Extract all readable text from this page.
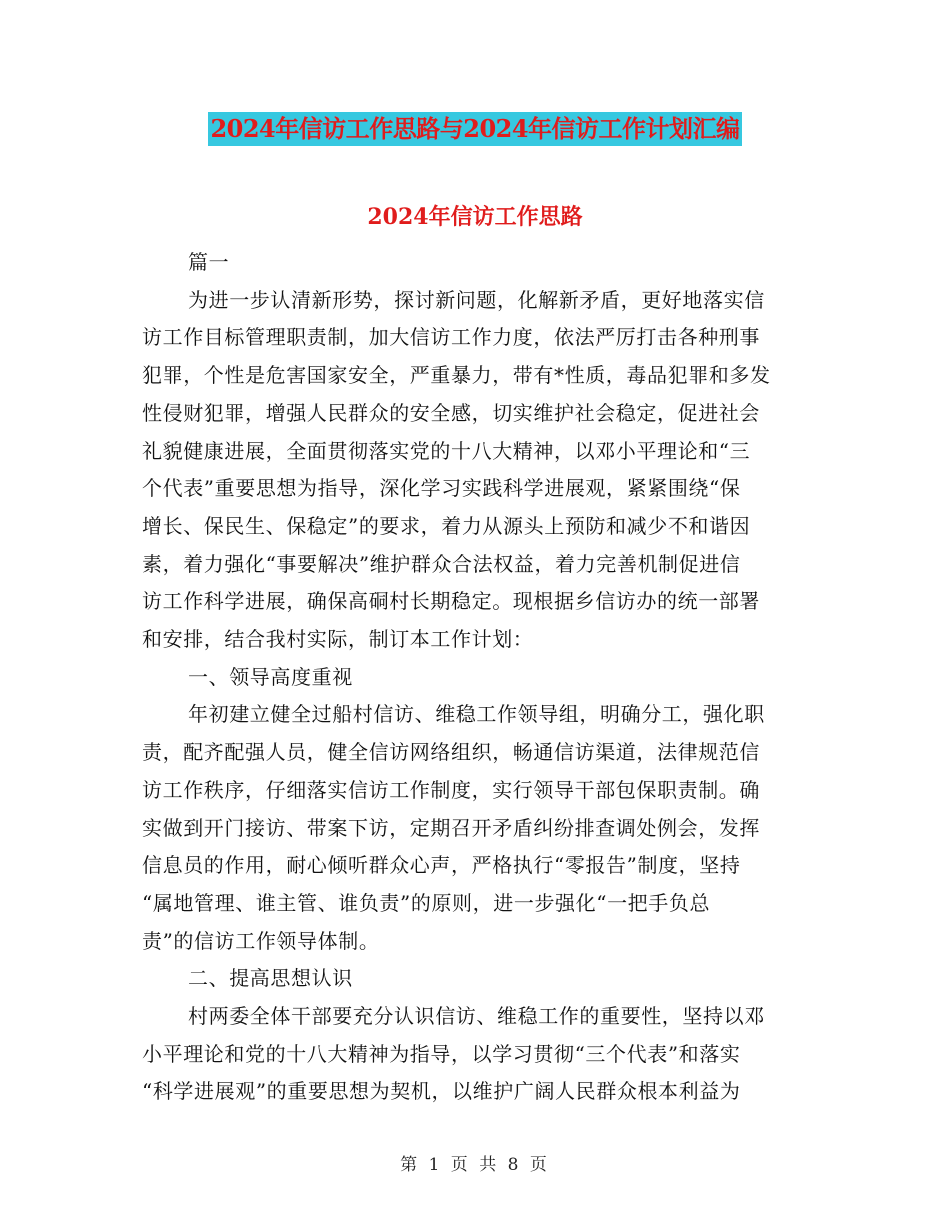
2024年信访工作思路与2024年信访工作计划汇编
2024年信访工作思路
篇一
为进一步认清新形势，探讨新问题，化解新矛盾，更好地落实信
访工作目标管理职责制，加大信访工作力度，依法严厉打击各种刑事
犯罪，个性是危害国家安全，严重暴力，带有*性质，毒品犯罪和多发
性侵财犯罪，增强人民群众的安全感，切实维护社会稳定，促进社会
礼貌健康进展，全面贯彻落实党的十八大精神，以邓小平理论和“三
个代表”重要思想为指导，深化学习实践科学进展观，紧紧围绕“保
增长、保民生、保稳定”的要求，着力从源头上预防和减少不和谐因
素，着力强化“事要解决”维护群众合法权益，着力完善机制促进信
访工作科学进展，确保高硐村长期稳定。现根据乡信访办的统一部署
和安排，结合我村实际，制订本工作计划：
一、领导高度重视
年初建立健全过船村信访、维稳工作领导组，明确分工，强化职
责，配齐配强人员，健全信访网络组织，畅通信访渠道，法律规范信
访工作秩序，仔细落实信访工作制度，实行领导干部包保职责制。确
实做到开门接访、带案下访，定期召开矛盾纠纷排查调处例会，发挥
信息员的作用，耐心倾听群众心声，严格执行“零报告”制度，坚持
“属地管理、谁主管、谁负责”的原则，进一步强化“一把手负总
责”的信访工作领导体制。
二、提高思想认识
村两委全体干部要充分认识信访、维稳工作的重要性，坚持以邓
小平理论和党的十八大精神为指导，以学习贯彻“三个代表”和落实
“科学进展观”的重要思想为契机，以维护广阔人民群众根本利益为
第 1 页 共 8 页
